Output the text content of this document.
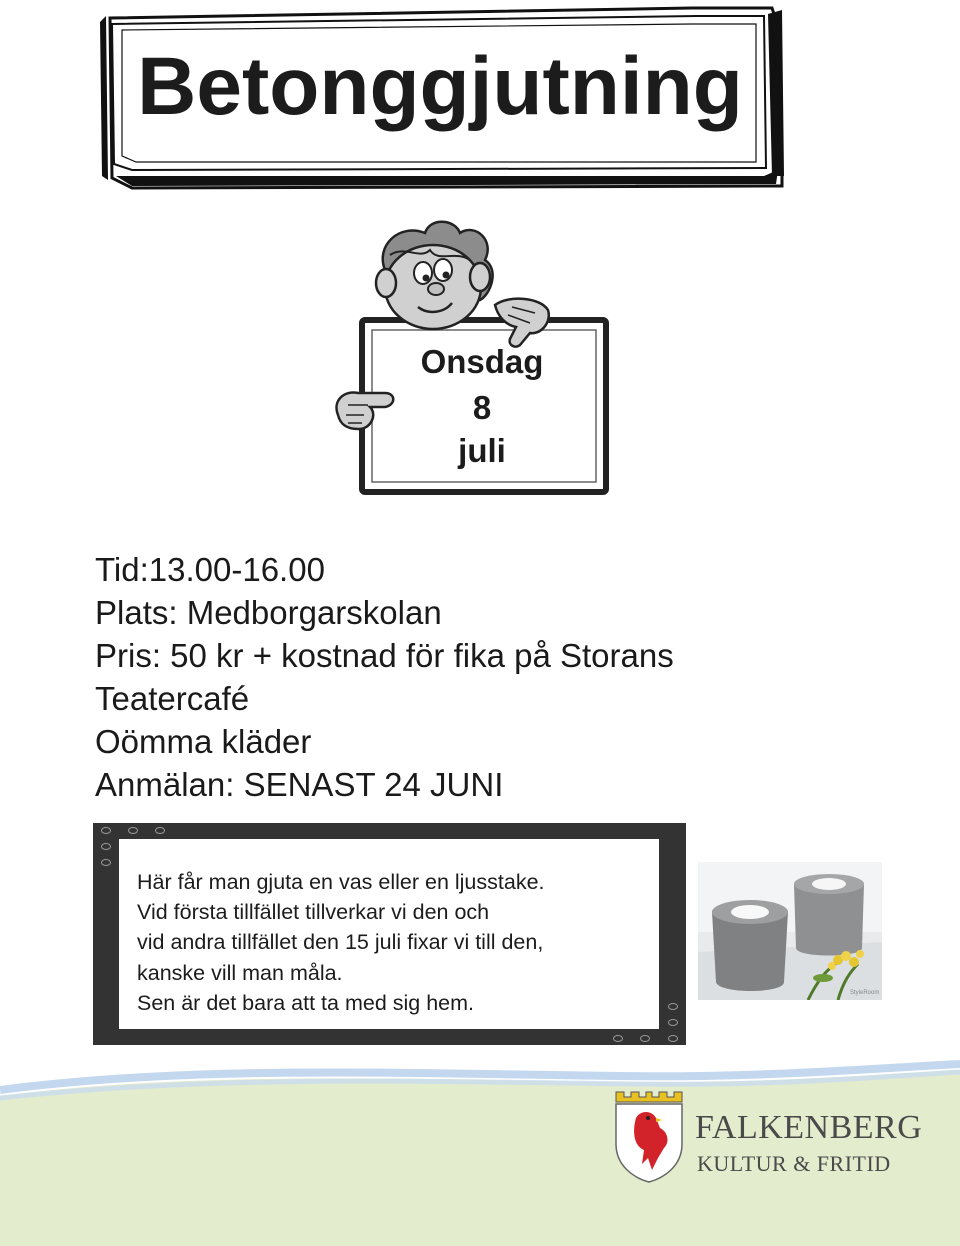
Betonggjutning
Onsdag
8
juli
Tid:13.00-16.00
Plats: Medborgarskolan
Pris: 50 kr + kostnad för fika på Storans
Teatercafé
Oömma kläder
Anmälan: SENAST 24 JUNI
Här får man gjuta en vas eller en ljusstake.
Vid första tillfället tillverkar vi den och
vid andra tillfället den 15 juli fixar vi till den,
kanske vill man måla.
Sen är det bara att ta med sig hem.	StyleRoom
FALKENBERG
KULTUR & FRITID
